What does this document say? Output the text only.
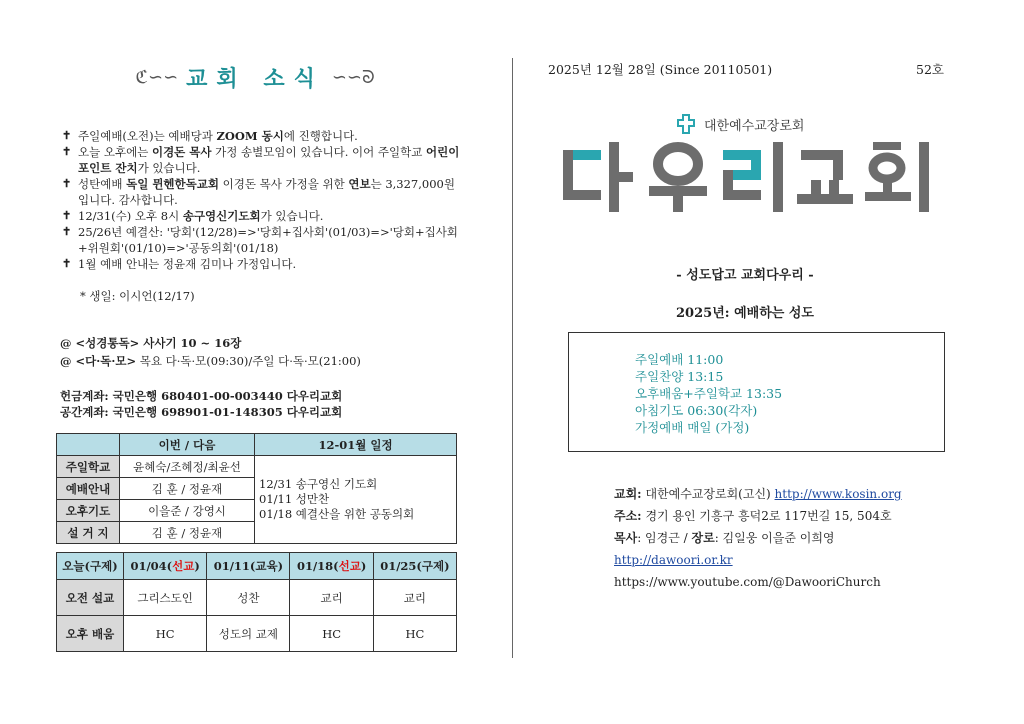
ℭ∽∽ 교회 소식 ∽∽ᘐ
✝ 주일예배(오전)는 예배당과 ZOOM 동시에 진행합니다.
✝ 오늘 오후에는 이경돈 목사 가정 송별모임이 있습니다. 이어 주일학교 어린이 포인트 잔치가 있습니다.
✝ 성탄예배 독일 뮌헨한독교회 이경돈 목사 가정을 위한 연보는 3,327,000원입니다. 감사합니다.
✝ 12/31(수) 오후 8시 송구영신기도회가 있습니다.
✝ 25/26년 예결산: '당회'(12/28)=>'당회+집사회'(01/03)=>'당회+집사회+위원회'(01/10)=>'공동의회'(01/18)
✝ 1월 예배 안내는 정윤재 김미나 가정입니다.
* 생일: 이시언(12/17)
@ <성경통독> 사사기 10 ~ 16장
@ <다·독·모> 목요 다·독·모(09:30)/주일 다·독·모(21:00)
헌금계좌: 국민은행 680401-00-003440 다우리교회
공간계좌: 국민은행 698901-01-148305 다우리교회
	이번 / 다음	12-01월 일정
주일학교	윤혜숙/조혜정/최윤선	12/31 송구영신 기도회
01/11 성만찬
01/18 예결산을 위한 공동의회

예배안내	김 훈 / 정윤재	
오후기도	이을준 / 강영시	
설 거 지	김 훈 / 정윤재	
오늘(구제)	01/04(선교)	01/11(교육)	01/18(선교)	01/25(구제)
오전 설교	그리스도인	성찬	교리	교리
오후 배움	HC	성도의 교제	HC	HC
2025년 12월 28일 (Since 20110501)	52호
대한예수교장로회
- 성도답고 교회다우리 -
2025년: 예배하는 성도
주일예배 11:00
주일찬양 13:15
오후배움+주일학교 13:35
아침기도 06:30(각자)
가정예배 매일 (가정)
교회: 대한예수교장로회(고신) http://www.kosin.org
주소: 경기 용인 기흥구 흥덕2로 117번길 15, 504호
목사: 임경근 / 장로: 김일웅 이을준 이희영
http://dawoori.or.kr
https://www.youtube.com/@DawooriChurch
